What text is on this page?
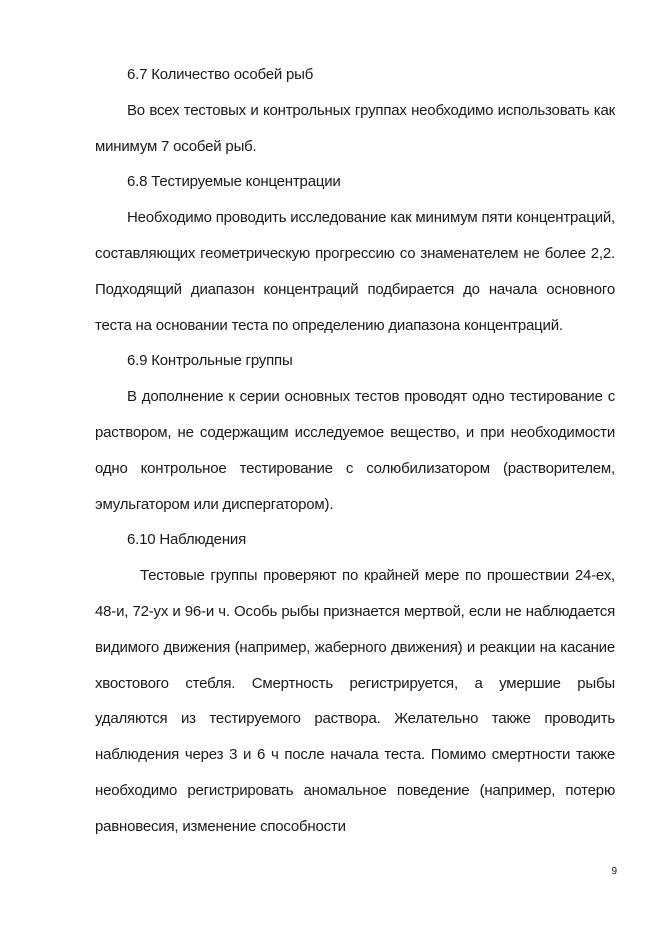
6.7 Количество особей рыб

Во всех тестовых и контрольных группах необходимо использовать как минимум 7 особей рыб.

6.8 Тестируемые концентрации

Необходимо проводить исследование как минимум пяти концентраций, составляющих геометрическую прогрессию со знаменателем не более 2,2. Подходящий диапазон концентраций подбирается до начала основного теста на основании теста по определению диапазона концентраций.

6.9 Контрольные группы

В дополнение к серии основных тестов проводят одно тестирование с раствором, не содержащим исследуемое вещество, и при необходимости одно контрольное тестирование с солюбилизатором (растворителем, эмульгатором или диспергатором).

6.10 Наблюдения

Тестовые группы проверяют по крайней мере по прошествии 24-ех, 48-и, 72-ух и 96-и ч. Особь рыбы признается мертвой, если не наблюдается видимого движения (например, жаберного движения) и реакции на касание хвостового стебля. Смертность регистрируется, а умершие рыбы удаляются из тестируемого раствора. Желательно также проводить наблюдения через 3 и 6 ч после начала теста. Помимо смертности также необходимо регистрировать аномальное поведение (например, потерю равновесия, изменение способности

9
